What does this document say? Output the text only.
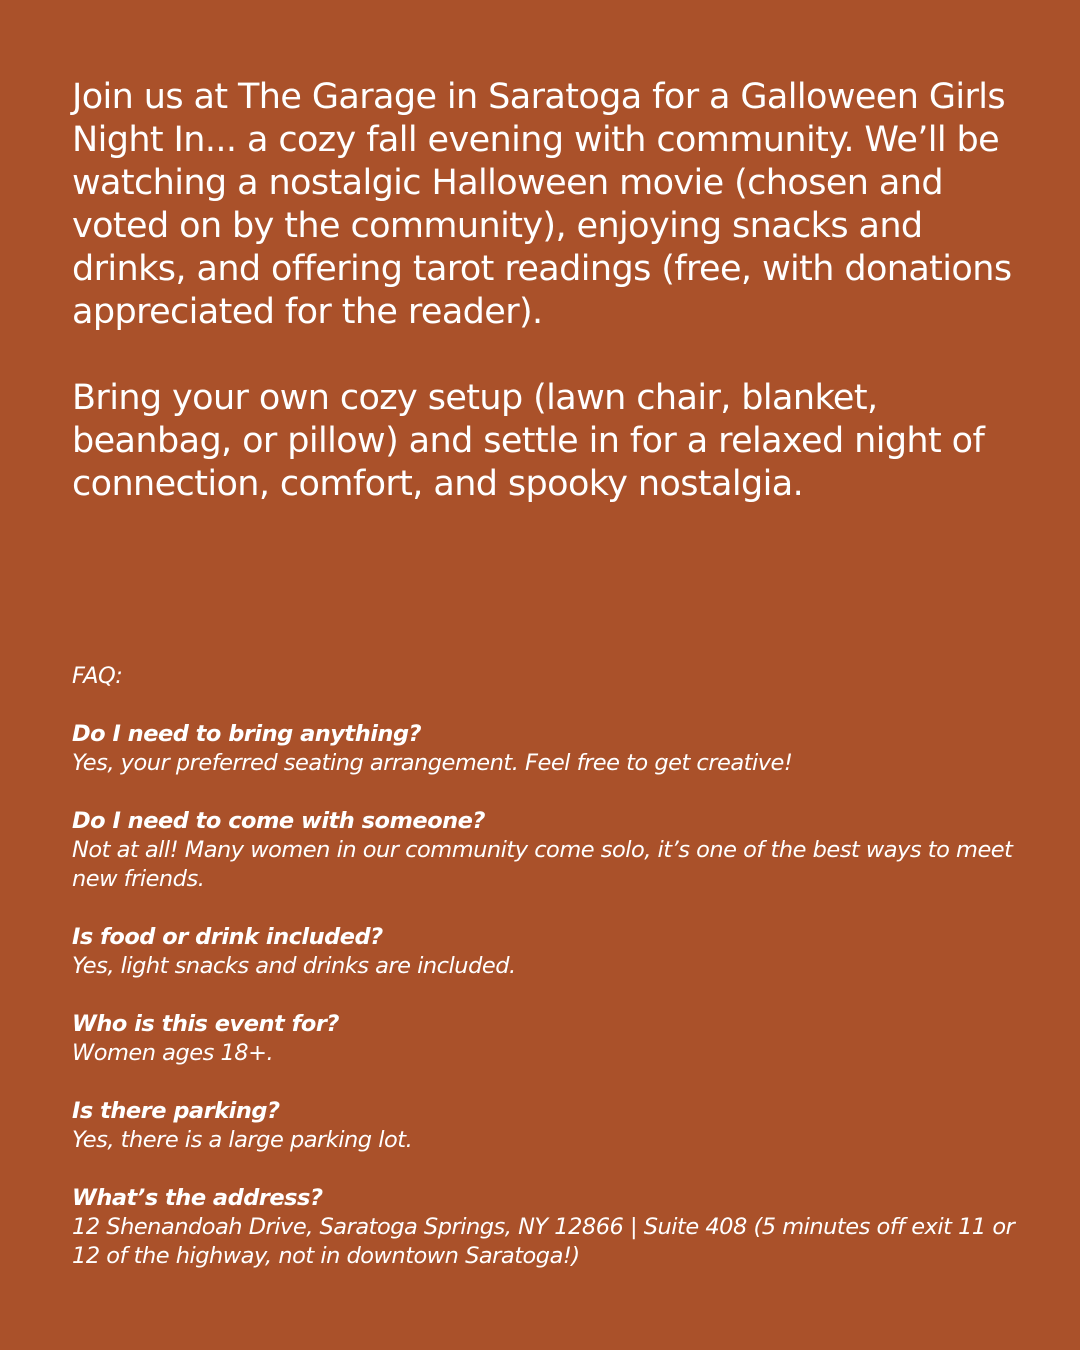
Join us at The Garage in Saratoga for a Galloween Girls Night In... a cozy fall evening with community. We’ll be watching a nostalgic Halloween movie (chosen and voted on by the community), enjoying snacks and drinks, and offering tarot readings (free, with donations appreciated for the reader).

Bring your own cozy setup (lawn chair, blanket, beanbag, or pillow) and settle in for a relaxed night of connection, comfort, and spooky nostalgia.

FAQ:
Do I need to bring anything?
Yes, your preferred seating arrangement. Feel free to get creative!
Do I need to come with someone?
Not at all! Many women in our community come solo, it’s one of the best ways to meet new friends.
Is food or drink included?
Yes, light snacks and drinks are included.
Who is this event for?
Women ages 18+.
Is there parking?
Yes, there is a large parking lot.
What’s the address?
12 Shenandoah Drive, Saratoga Springs, NY 12866 | Suite 408 (5 minutes off exit 11 or 12 of the highway, not in downtown Saratoga!)
